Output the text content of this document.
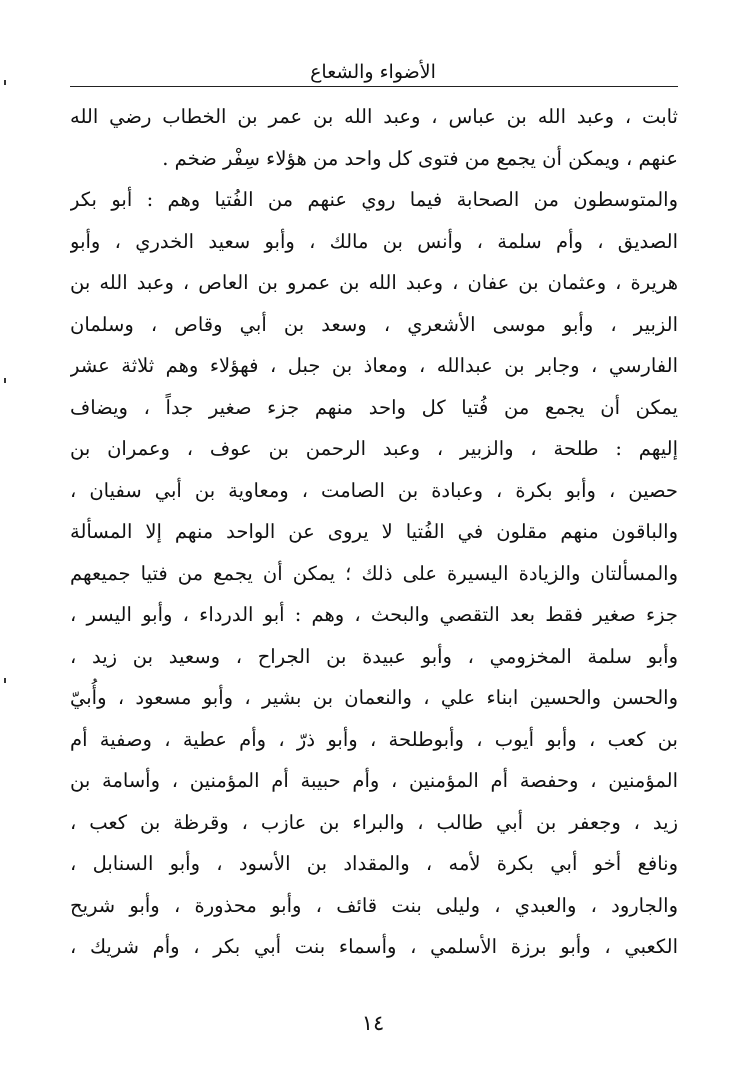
الأضواء والشعاع
ثابت ، وعبد الله بن عباس ، وعبد الله بن عمر بن الخطاب رضي الله
عنهم ، ويمكن أن يجمع من فتوى كل واحد من هؤلاء سِفْر ضخم .
والمتوسطون من الصحابة فيما روي عنهم من الفُتيا وهم : أبو بكر
الصديق ، وأم سلمة ، وأنس بن مالك ، وأبو سعيد الخدري ، وأبو
هريرة ، وعثمان بن عفان ، وعبد الله بن عمرو بن العاص ، وعبد الله بن
الزبير ، وأبو موسى الأشعري ، وسعد بن أبي وقاص ، وسلمان
الفارسي ، وجابر بن عبدالله ، ومعاذ بن جبل ، فهؤلاء وهم ثلاثة عشر
يمكن أن يجمع من فُتيا كل واحد منهم جزء صغير جداً ، ويضاف
إليهم : طلحة ، والزبير ، وعبد الرحمن بن عوف ، وعمران بن
حصين ، وأبو بكرة ، وعبادة بن الصامت ، ومعاوية بن أبي سفيان ،
والباقون منهم مقلون في الفُتيا لا يروى عن الواحد منهم إلا المسألة
والمسألتان والزيادة اليسيرة على ذلك ؛ يمكن أن يجمع من فتيا جميعهم
جزء صغير فقط بعد التقصي والبحث ، وهم : أبو الدرداء ، وأبو اليسر ،
وأبو سلمة المخزومي ، وأبو عبيدة بن الجراح ، وسعيد بن زيد ،
والحسن والحسين ابناء علي ، والنعمان بن بشير ، وأبو مسعود ، وأُبيّ
بن كعب ، وأبو أيوب ، وأبوطلحة ، وأبو ذرّ ، وأم عطية ، وصفية أم
المؤمنين ، وحفصة أم المؤمنين ، وأم حبيبة أم المؤمنين ، وأسامة بن
زيد ، وجعفر بن أبي طالب ، والبراء بن عازب ، وقرظة بن كعب ،
ونافع أخو أبي بكرة لأمه ، والمقداد بن الأسود ، وأبو السنابل ،
والجارود ، والعبدي ، وليلى بنت قائف ، وأبو محذورة ، وأبو شريح
الكعبي ، وأبو برزة الأسلمي ، وأسماء بنت أبي بكر ، وأم شريك ،
١٤
